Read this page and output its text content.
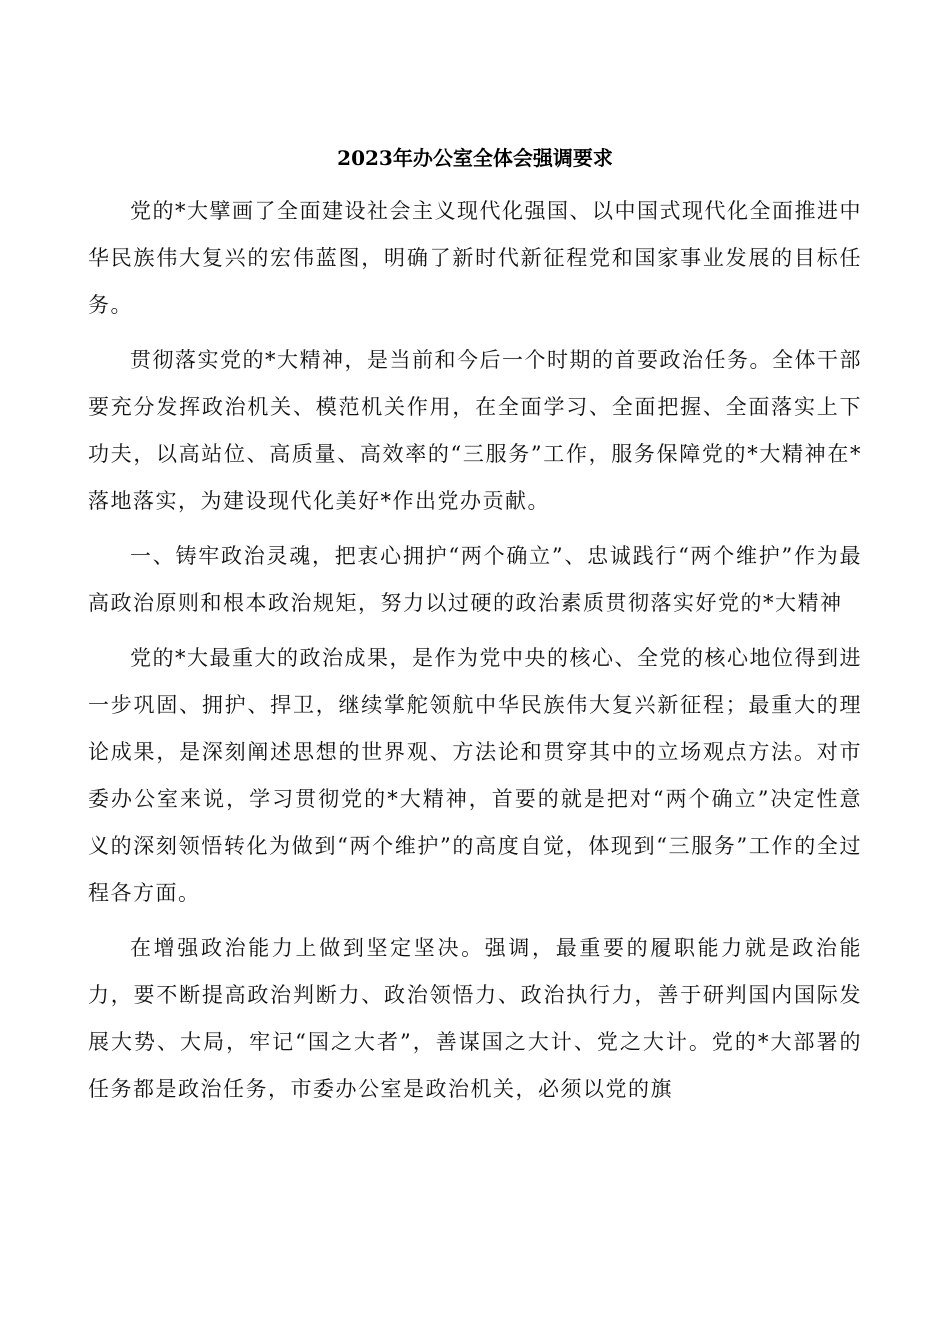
2023年办公室全体会强调要求

党的*大擘画了全面建设社会主义现代化强国、以中国式现代化全面推进中华民族伟大复兴的宏伟蓝图，明确了新时代新征程党和国家事业发展的目标任务。

贯彻落实党的*大精神，是当前和今后一个时期的首要政治任务。全体干部要充分发挥政治机关、模范机关作用，在全面学习、全面把握、全面落实上下功夫，以高站位、高质量、高效率的“三服务”工作，服务保障党的*大精神在*落地落实，为建设现代化美好*作出党办贡献。

一、铸牢政治灵魂，把衷心拥护“两个确立”、忠诚践行“两个维护”作为最高政治原则和根本政治规矩，努力以过硬的政治素质贯彻落实好党的*大精神

党的*大最重大的政治成果，是作为党中央的核心、全党的核心地位得到进一步巩固、拥护、捍卫，继续掌舵领航中华民族伟大复兴新征程；最重大的理论成果，是深刻阐述思想的世界观、方法论和贯穿其中的立场观点方法。对市委办公室来说，学习贯彻党的*大精神，首要的就是把对“两个确立”决定性意义的深刻领悟转化为做到“两个维护”的高度自觉，体现到“三服务”工作的全过程各方面。

在增强政治能力上做到坚定坚决。强调，最重要的履职能力就是政治能力，要不断提高政治判断力、政治领悟力、政治执行力，善于研判国内国际发展大势、大局，牢记“国之大者”，善谋国之大计、党之大计。党的*大部署的任务都是政治任务，市委办公室是政治机关，必须以党的旗
